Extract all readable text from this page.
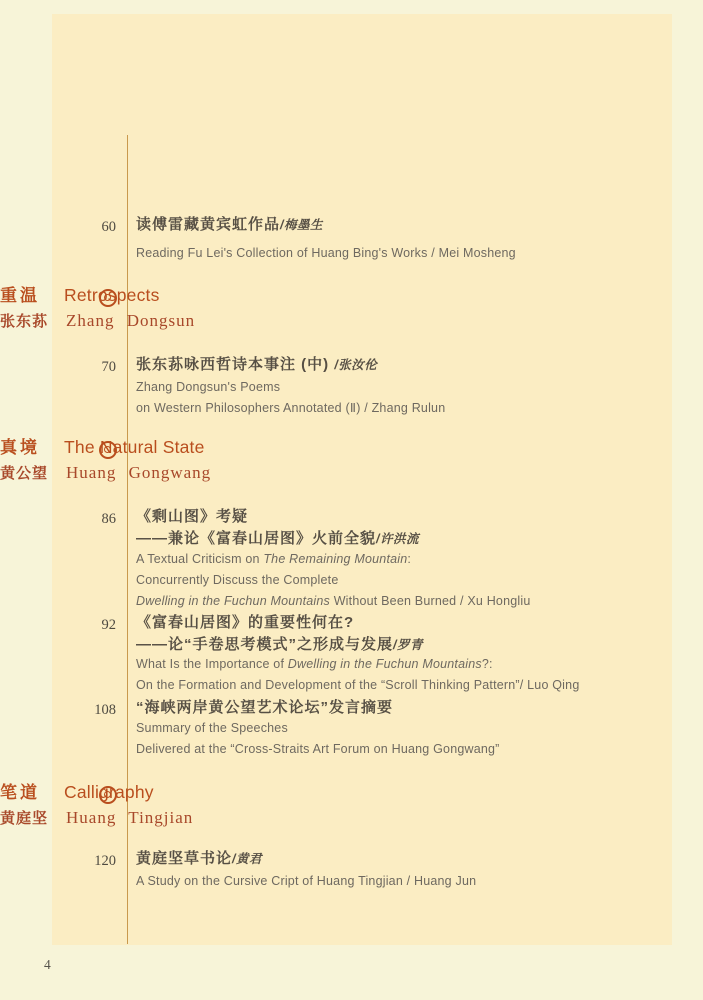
60 读傅雷藏黄宾虹作品/梅墨生
Reading Fu Lei's Collection of Huang Bing's Works / Mei Mosheng
重温 Retrospects
张东荪 Zhang Dongsun
70 张东荪咏西哲诗本事注 (中) /张汝伦
Zhang Dongsun's Poems
on Western Philosophers Annotated (Ⅱ) / Zhang Rulun
真境 The Natural State
黄公望 Huang Gongwang
86 《剩山图》考疑
——兼论《富春山居图》火前全貌/许洪流
A Textual Criticism on The Remaining Mountain:
Concurrently Discuss the Complete
Dwelling in the Fuchun Mountains Without Been Burned / Xu Hongliu
92 《富春山居图》的重要性何在?
——论“手卷思考模式”之形成与发展/罗青
What Is the Importance of Dwelling in the Fuchun Mountains?:
On the Formation and Development of the “Scroll Thinking Pattern”/ Luo Qing
108 “海峡两岸黄公望艺术论坛”发言摘要
Summary of the Speeches
Delivered at the “Cross-Straits Art Forum on Huang Gongwang”
笔道 Calligraphy
黄庭坚 Huang Tingjian
120 黄庭坚草书论/黄君
A Study on the Cursive Cript of Huang Tingjian / Huang Jun
4
